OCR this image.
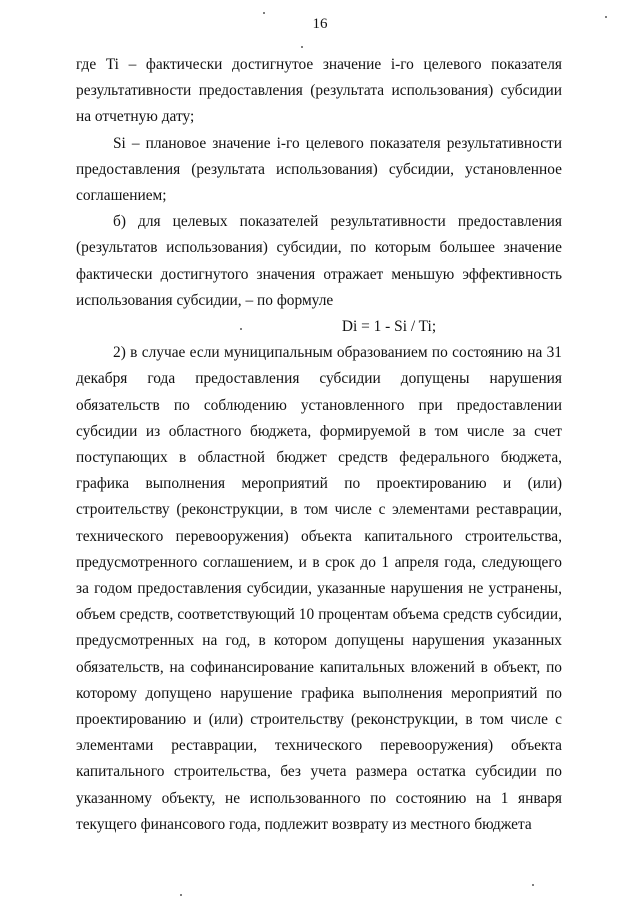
16

где Ti – фактически достигнутое значение i-го целевого показателя результативности предоставления (результата использования) субсидии на отчетную дату;

Si – плановое значение i-го целевого показателя результативности предоставления (результата использования) субсидии, установленное соглашением;

б) для целевых показателей результативности предоставления (результатов использования) субсидии, по которым большее значение фактически достигнутого значения отражает меньшую эффективность использования субсидии, – по формуле

Di = 1 - Si / Ti;

2) в случае если муниципальным образованием по состоянию на 31 декабря года предоставления субсидии допущены нарушения обязательств по соблюдению установленного при предоставлении субсидии из областного бюджета, формируемой в том числе за счет поступающих в областной бюджет средств федерального бюджета, графика выполнения мероприятий по проектированию и (или) строительству (реконструкции, в том числе с элементами реставрации, технического перевооружения) объекта капитального строительства, предусмотренного соглашением, и в срок до 1 апреля года, следующего за годом предоставления субсидии, указанные нарушения не устранены, объем средств, соответствующий 10 процентам объема средств субсидии, предусмотренных на год, в котором допущены нарушения указанных обязательств, на софинансирование капитальных вложений в объект, по которому допущено нарушение графика выполнения мероприятий по проектированию и (или) строительству (реконструкции, в том числе с элементами реставрации, технического перевооружения) объекта капитального строительства, без учета размера остатка субсидии по указанному объекту, не использованного по состоянию на 1 января текущего финансового года, подлежит возврату из местного бюджета
